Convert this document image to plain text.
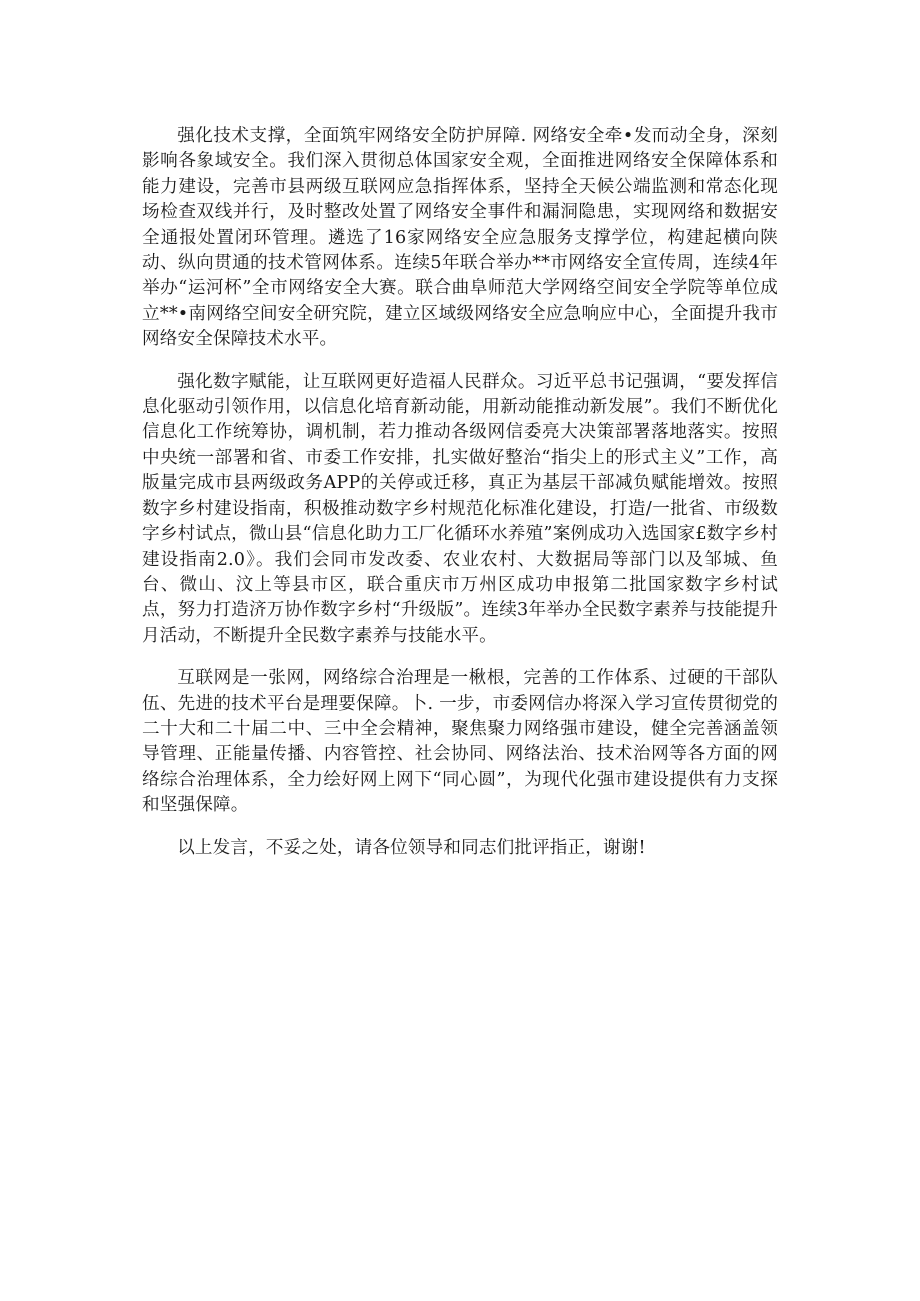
强化技术支撑，全面筑牢网络安全防护屏障. 网络安全牵•发而动全身，深刻影响各象域安全。我们深入贯彻总体国家安全观，全面推进网络安全保障体系和能力建设，完善市县两级互联网应急指挥体系，坚持全天候公端监测和常态化现场检查双线并行，及时整改处置了网络安全事件和漏洞隐患，实现网络和数据安全通报处置闭环管理。遴选了16家网络安全应急服务支撑学位，构建起横向陕动、纵向贯通的技术管网体系。连续5年联合举办**市网络安全宣传周，连续4年举办“运河杯”全市网络安全大赛。联合曲阜师范大学网络空间安全学院等单位成立**•南网络空间安全研究院，建立区域级网络安全应急响应中心，全面提升我市网络安全保障技术水平。

强化数字赋能，让互联网更好造福人民群众。习近平总书记强调，“要发挥信息化驱动引领作用，以信息化培育新动能，用新动能推动新发展”。我们不断优化信息化工作统筹协，调机制，若力推动各级网信委亮大决策部署落地落实。按照中央统一部署和省、市委工作安排，扎实做好整治“指尖上的形式主义”工作，高版量完成市县两级政务APP的关停或迁移，真正为基层干部减负赋能增效。按照数字乡村建设指南，积极推动数字乡村规范化标准化建设，打造/一批省、市级数字乡村试点，微山县“信息化助力工厂化循环水养殖”案例成功入选国家£数字乡村建设指南2.0》。我们会同市发改委、农业农村、大数据局等部门以及邹城、鱼台、微山、汶上等县市区，联合重庆市万州区成功申报第二批国家数字乡村试点，努力打造济万协作数字乡村“升级版”。连续3年举办全民数字素养与技能提升月活动，不断提升全民数字素养与技能水平。

互联网是一张网，网络综合治理是一楸根，完善的工作体系、过硬的干部队伍、先进的技术平台是理要保障。卜. 一步，市委网信办将深入学习宣传贯彻党的二十大和二十届二中、三中全会精神，聚焦聚力网络强市建设，健全完善涵盖领导管理、正能量传播、内容管控、社会协同、网络法治、技术治网等各方面的网络综合治理体系，全力绘好网上网下“同心圆”，为现代化强市建设提供有力支探和坚强保障。

以上发言，不妥之处，请各位领导和同志们批评指正，谢谢!
